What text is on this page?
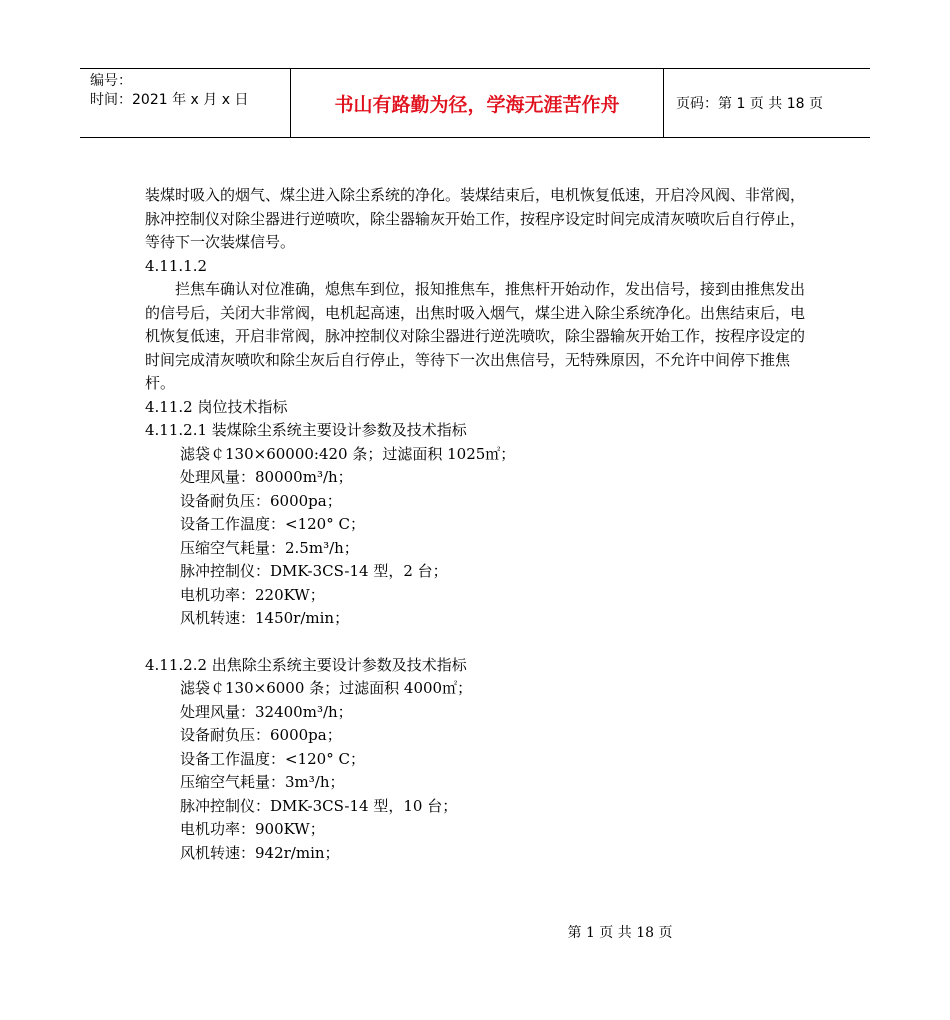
编号：
时间：2021 年 x 月 x 日	书山有路勤为径，学海无涯苦作舟	页码：第 1 页 共 18 页

装煤时吸入的烟气、煤尘进入除尘系统的净化。装煤结束后，电机恢复低速，开启冷风阀、非常阀，脉冲控制仪对除尘器进行逆喷吹，除尘器输灰开始工作，按程序设定时间完成清灰喷吹后自行停止，等待下一次装煤信号。

4.11.1.2

拦焦车确认对位准确，熄焦车到位，报知推焦车，推焦杆开始动作，发出信号，接到由推焦发出的信号后，关闭大非常阀，电机起高速，出焦时吸入烟气，煤尘进入除尘系统净化。出焦结束后，电机恢复低速，开启非常阀，脉冲控制仪对除尘器进行逆洗喷吹，除尘器输灰开始工作，按程序设定的时间完成清灰喷吹和除尘灰后自行停止，等待下一次出焦信号，无特殊原因，不允许中间停下推焦杆。

4.11.2 岗位技术指标

4.11.2.1 装煤除尘系统主要设计参数及技术指标

滤袋￠130×60000:420 条；过滤面积 1025㎡；

处理风量：80000m³/h；

设备耐负压：6000pa；

设备工作温度：<120° C；

压缩空气耗量：2.5m³/h；

脉冲控制仪：DMK-3CS-14 型，2 台；

电机功率：220KW；

风机转速：1450r/min；

4.11.2.2 出焦除尘系统主要设计参数及技术指标

滤袋￠130×6000 条；过滤面积 4000㎡；

处理风量：32400m³/h；

设备耐负压：6000pa；

设备工作温度：<120° C；

压缩空气耗量：3m³/h；

脉冲控制仪：DMK-3CS-14 型，10 台；

电机功率：900KW；

风机转速：942r/min；

第 1 页 共 18 页
